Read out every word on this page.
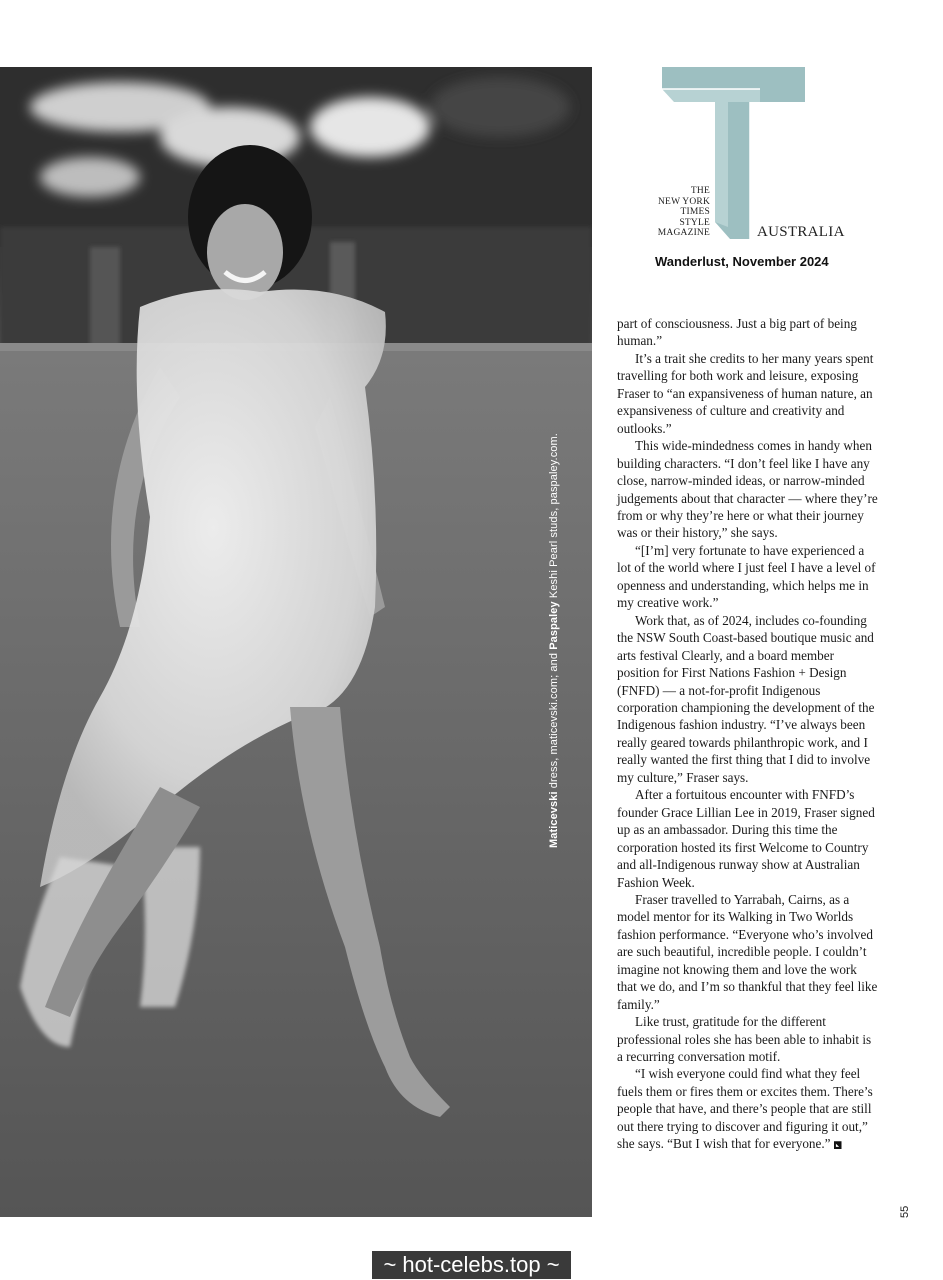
Maticevski dress, maticevski.com; and Paspaley Keshi Pearl studs, paspaley.com.
THE
NEW YORK
TIMES
STYLE
MAGAZINE	AUSTRALIA
Wanderlust, November 2024

part of consciousness. Just a big part of being human.”

It’s a trait she credits to her many years spent travelling for both work and leisure, exposing Fraser to “an expansiveness of human nature, an expansiveness of culture and creativity and outlooks.”

This wide-mindedness comes in handy when building characters. “I don’t feel like I have any close, narrow-minded ideas, or narrow-minded judgements about that character — where they’re from or why they’re here or what their journey was or their history,” she says.

“[I’m] very fortunate to have experienced a lot of the world where I just feel I have a level of openness and understanding, which helps me in my creative work.”

Work that, as of 2024, includes co-founding the NSW South Coast-based boutique music and arts festival Clearly, and a board member position for First Nations Fashion + Design (FNFD) — a not-for-profit Indigenous corporation championing the development of the Indigenous fashion industry. “I’ve always been really geared towards philanthropic work, and I really wanted the first thing that I did to involve my culture,” Fraser says.

After a fortuitous encounter with FNFD’s founder Grace Lillian Lee in 2019, Fraser signed up as an ambassador. During this time the corporation hosted its first Welcome to Country and all-Indigenous runway show at Australian Fashion Week.

Fraser travelled to Yarrabah, Cairns, as a model mentor for its Walking in Two Worlds fashion performance. “Everyone who’s involved are such beautiful, incredible people. I couldn’t imagine not knowing them and love the work that we do, and I’m so thankful that they feel like family.”

Like trust, gratitude for the different professional roles she has been able to inhabit is a recurring conversation motif.

“I wish everyone could find what they feel fuels them or fires them or excites them. There’s people that have, and there’s people that are still out there trying to discover and figuring it out,” she says. “But I wish that for everyone.”

55
~ hot-celebs.top ~
